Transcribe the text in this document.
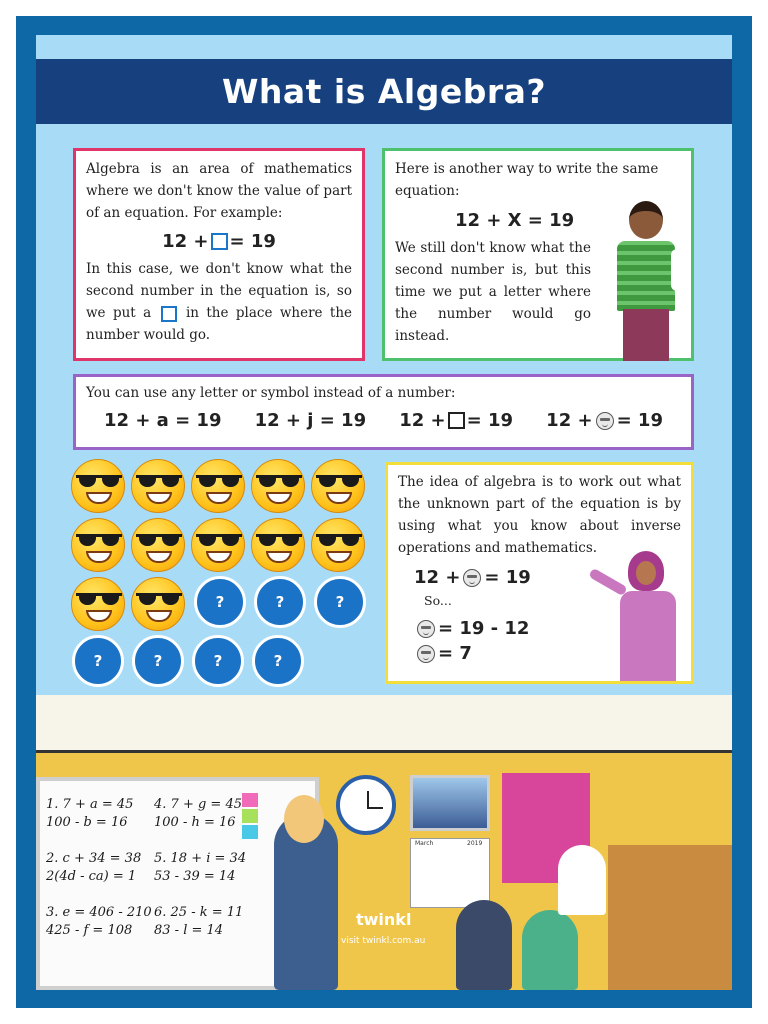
What is Algebra?

Algebra is an area of mathematics where we don't know the value of part of an equation. For example:

12 + = 19

In this case, we don't know what the second number in the equation is, so we put a	in the place where the number would go.

Here is another way to write the same equation:

12 + X = 19

We still don't know what the second number is, but this time we put a letter where the number would go instead.

You can use any letter or symbol instead of a number:

12 + a = 19 12 + j = 19 12 + = 19 12 + = 19
?	?	?
?	?	?	?

The idea of algebra is to work out what the unknown part of the equation is by using what you know about inverse operations and mathematics.

12 + = 19

So...

= 19 - 12
= 7
1. 7 + a = 45
100 - b = 16
4. 7 + g = 45
100 - h = 16
2. c + 34 = 38
2(4d - ca) = 1
5. 18 + i = 34
53 - 39 = 14
3. e = 406 - 210
425 - f = 108
6. 25 - k = 11
83 - l = 14
March	2019
twinkl
visit twinkl.com.au
